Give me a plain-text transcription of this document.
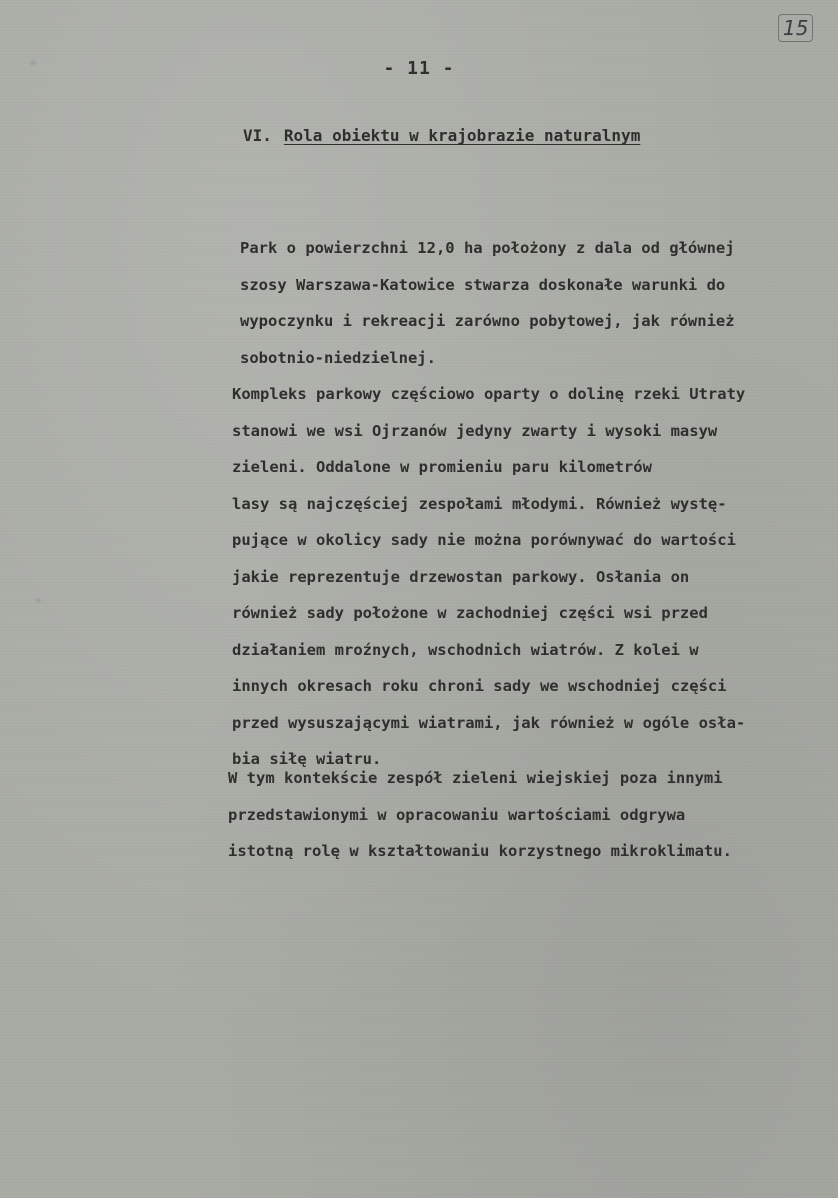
15
- 11 -
VI. Rola obiektu w krajobrazie naturalnym

Park o powierzchni 12,0 ha położony z dala od głównej
szosy Warszawa-Katowice stwarza doskonałe warunki do
wypoczynku i rekreacji zarówno pobytowej, jak również
sobotnio-niedzielnej.

Kompleks parkowy częściowo oparty o dolinę rzeki Utraty
stanowi we wsi Ojrzanów jedyny zwarty i wysoki masyw
zieleni. Oddalone w promieniu paru kilometrów
lasy są najczęściej zespołami młodymi. Również wystę-
pujące w okolicy sady nie można porównywać do wartości
jakie reprezentuje drzewostan parkowy. Osłania on
również sady położone w zachodniej części wsi przed
działaniem mroźnych, wschodnich wiatrów. Z kolei w
innych okresach roku chroni sady we wschodniej części
przed wysuszającymi wiatrami, jak również w ogóle osła-
bia siłę wiatru.

W tym kontekście zespół zieleni wiejskiej poza innymi
przedstawionymi w opracowaniu wartościami odgrywa
istotną rolę w kształtowaniu korzystnego mikroklimatu.
